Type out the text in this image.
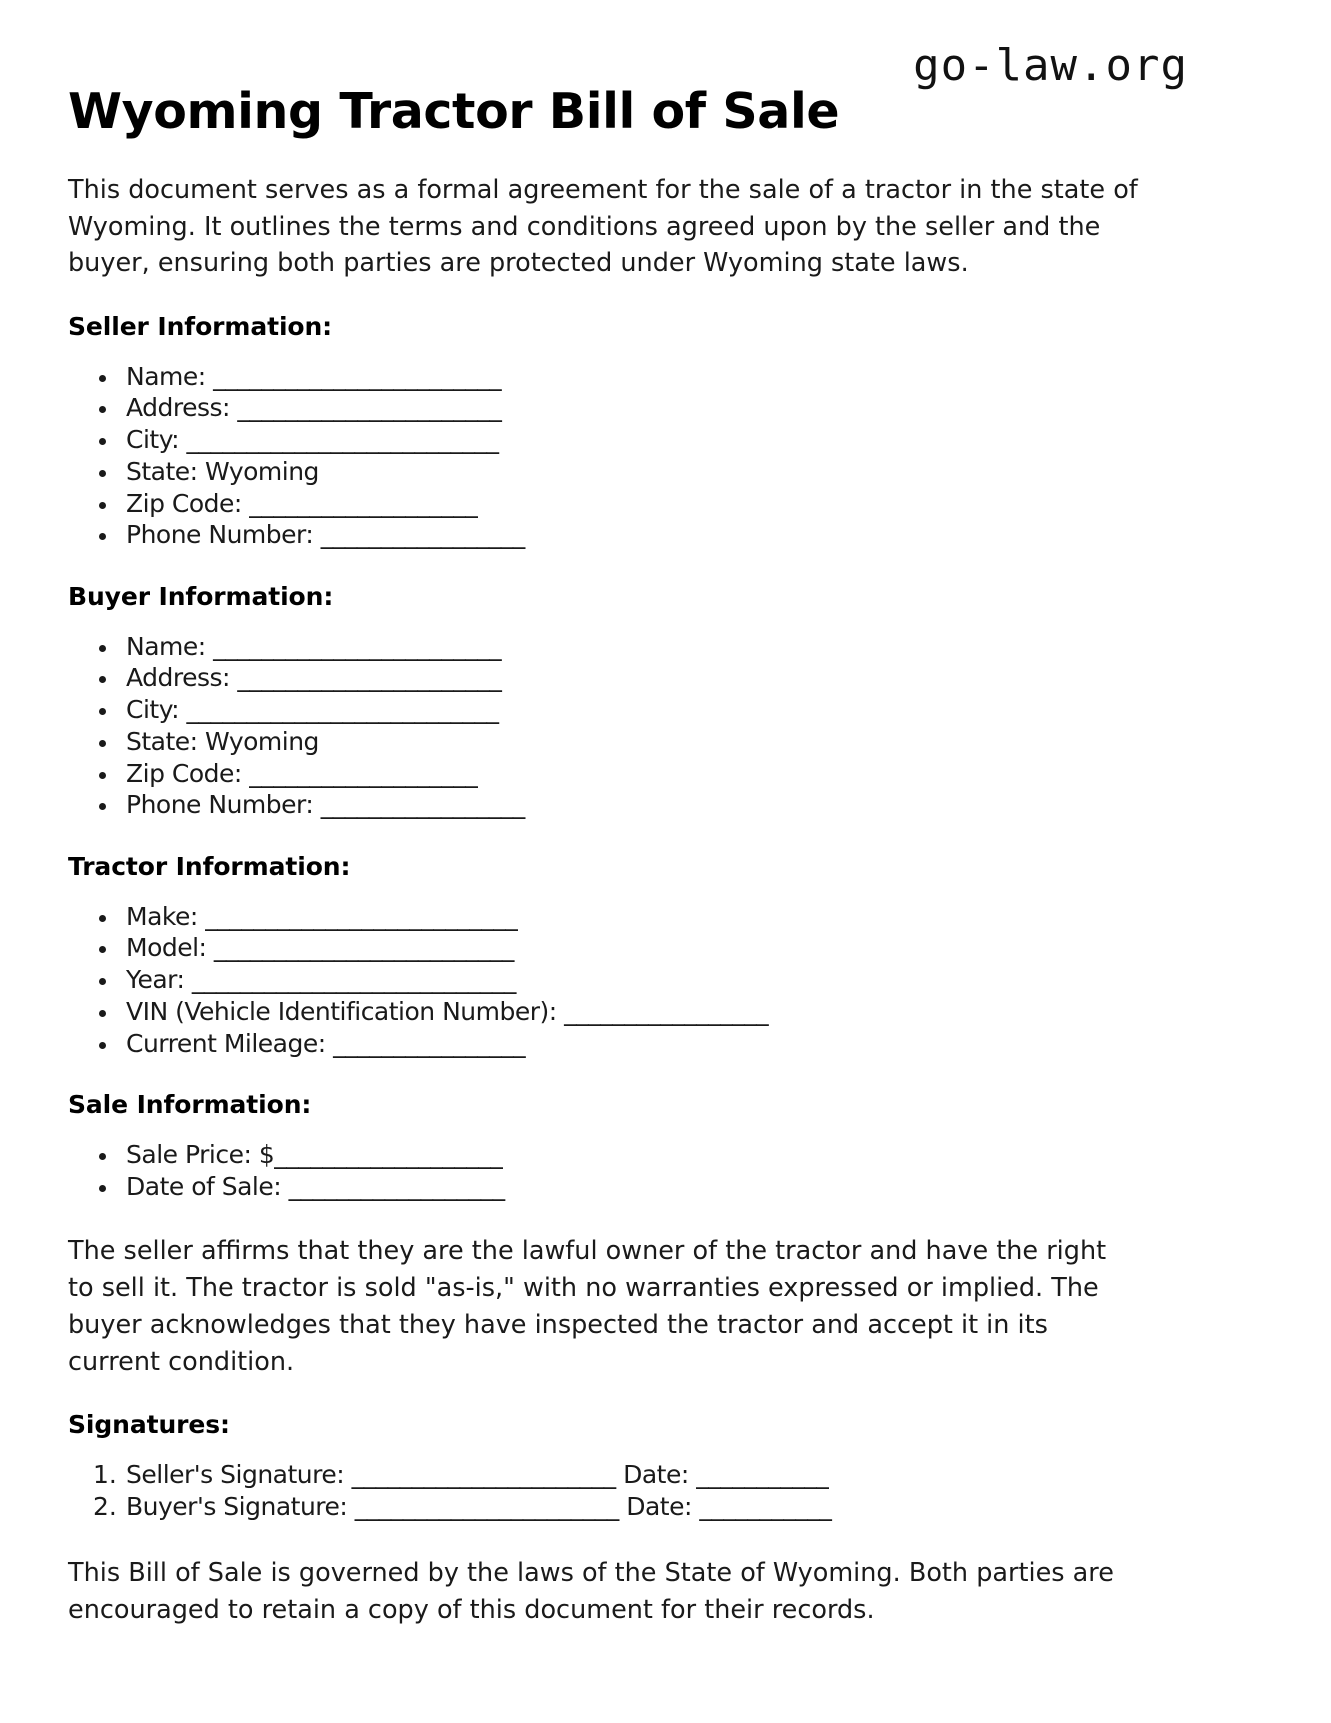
go-law.org
Wyoming Tractor Bill of Sale

This document serves as a formal agreement for the sale of a tractor in the state of Wyoming. It outlines the terms and conditions agreed upon by the seller and the buyer, ensuring both parties are protected under Wyoming state laws.

Seller Information:
Name: ________________________
Address: ______________________
City: __________________________
State: Wyoming
Zip Code: ___________________
Phone Number: _________________
Buyer Information:
Name: ________________________
Address: ______________________
City: __________________________
State: Wyoming
Zip Code: ___________________
Phone Number: _________________
Tractor Information:
Make: __________________________
Model: _________________________
Year: ___________________________
VIN (Vehicle Identification Number): _________________
Current Mileage: ________________
Sale Information:
Sale Price: $___________________
Date of Sale: __________________

The seller affirms that they are the lawful owner of the tractor and have the right to sell it. The tractor is sold "as-is," with no warranties expressed or implied. The buyer acknowledges that they have inspected the tractor and accept it in its current condition.

Signatures:
Seller's Signature: ______________________ Date: ___________
Buyer's Signature: ______________________ Date: ___________

This Bill of Sale is governed by the laws of the State of Wyoming. Both parties are encouraged to retain a copy of this document for their records.
